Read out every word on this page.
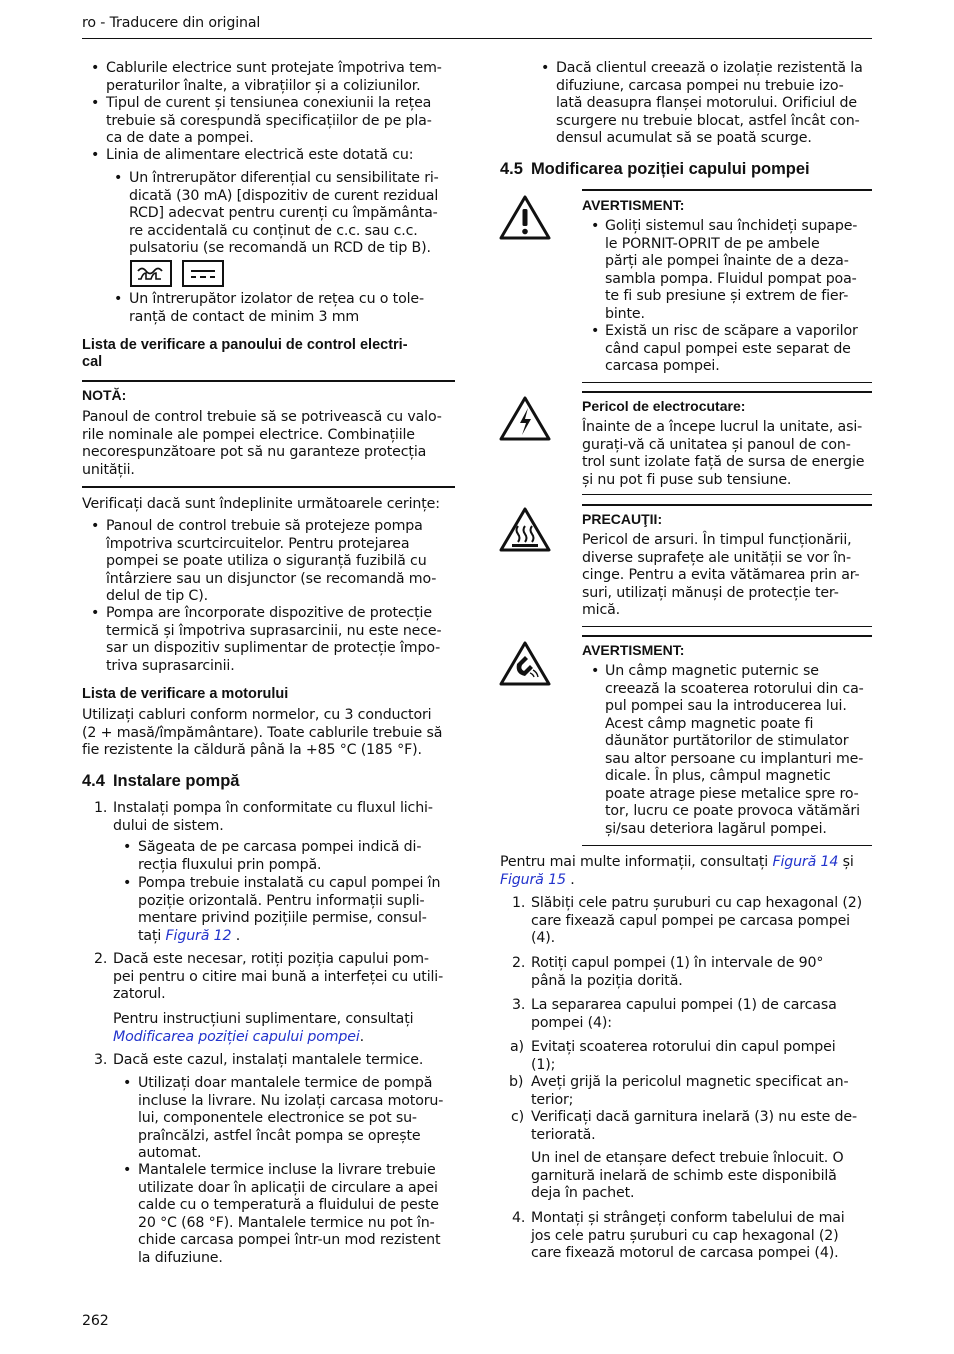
ro - Traducere din original
• Cablurile electrice sunt protejate împotriva tem-
peraturilor înalte, a vibrațiilor și a coliziunilor.
• Tipul de curent și tensiunea conexiunii la rețea
trebuie să corespundă specificațiilor de pe pla-
ca de date a pompei.
• Linia de alimentare electrică este dotată cu:
• Un întrerupător diferențial cu sensibilitate ri-
dicată (30 mA) [dispozitiv de curent rezidual
RCD] adecvat pentru curenți cu împământa-
re accidentală cu conținut de c.c. sau c.c.
pulsatoriu (se recomandă un RCD de tip B).
• Un întrerupător izolator de rețea cu o tole-
ranță de contact de minim 3 mm
Lista de verificare a panoului de control electri-
cal
NOTĂ:
Panoul de control trebuie să se potrivească cu valo-
rile nominale ale pompei electrice. Combinațiile
necorespunzătoare pot să nu garanteze protecția
unității.
Verificați dacă sunt îndeplinite următoarele cerințe:
• Panoul de control trebuie să protejeze pompa
împotriva scurtcircuitelor. Pentru protejarea
pompei se poate utiliza o siguranță fuzibilă cu
întârziere sau un disjunctor (se recomandă mo-
delul de tip C).
• Pompa are încorporate dispozitive de protecție
termică și împotriva suprasarcinii, nu este nece-
sar un dispozitiv suplimentar de protecție împo-
triva suprasarcinii.
Lista de verificare a motorului
Utilizați cabluri conform normelor, cu 3 conductori
(2 + masă/împământare). Toate cablurile trebuie să
fie rezistente la căldură până la +85 °C (185 °F).
4.4 Instalare pompă
1. Instalați pompa în conformitate cu fluxul lichi-
dului de sistem.
• Săgeata de pe carcasa pompei indică di-
recția fluxului prin pompă.
• Pompa trebuie instalată cu capul pompei în
poziție orizontală. Pentru informații supli-
mentare privind pozițiile permise, consul-
tați Figură 12 .
2. Dacă este necesar, rotiți poziția capului pom-
pei pentru o citire mai bună a interfeței cu utili-
zatorul.
Pentru instrucțiuni suplimentare, consultați
Modificarea poziției capului pompei.
3. Dacă este cazul, instalați mantalele termice.
• Utilizați doar mantalele termice de pompă
incluse la livrare. Nu izolați carcasa motoru-
lui, componentele electronice se pot su-
praîncălzi, astfel încât pompa se oprește
automat.
• Mantalele termice incluse la livrare trebuie
utilizate doar în aplicații de circulare a apei
calde cu o temperatură a fluidului de peste
20 °C (68 °F). Mantalele termice nu pot în-
chide carcasa pompei într-un mod rezistent
la difuziune.
• Dacă clientul creează o izolație rezistentă la
difuziune, carcasa pompei nu trebuie izo-
lată deasupra flanșei motorului. Orificiul de
scurgere nu trebuie blocat, astfel încât con-
densul acumulat să se poată scurge.
4.5 Modificarea poziției capului pompei
AVERTISMENT:
• Goliți sistemul sau închideți supape-
le PORNIT-OPRIT de pe ambele
părți ale pompei înainte de a deza-
sambla pompa. Fluidul pompat poa-
te fi sub presiune și extrem de fier-
binte.
• Există un risc de scăpare a vaporilor
când capul pompei este separat de
carcasa pompei.
Pericol de electrocutare:
Înainte de a începe lucrul la unitate, asi-
gurați-vă că unitatea și panoul de con-
trol sunt izolate față de sursa de energie
și nu pot fi puse sub tensiune.
PRECAUŢII:
Pericol de arsuri. În timpul funcționării,
diverse suprafețe ale unității se vor în-
cinge. Pentru a evita vătămarea prin ar-
suri, utilizați mănuși de protecție ter-
mică.
AVERTISMENT:
• Un câmp magnetic puternic se
creează la scoaterea rotorului din ca-
pul pompei sau la introducerea lui.
Acest câmp magnetic poate fi
dăunător purtătorilor de stimulator
sau altor persoane cu implanturi me-
dicale. În plus, câmpul magnetic
poate atrage piese metalice spre ro-
tor, lucru ce poate provoca vătămări
și/sau deteriora lagărul pompei.
Pentru mai multe informații, consultați Figură 14 și
Figură 15 .
1. Slăbiți cele patru șuruburi cu cap hexagonal (2)
care fixează capul pompei pe carcasa pompei
(4).
2. Rotiți capul pompei (1) în intervale de 90°
până la poziția dorită.
3. La separarea capului pompei (1) de carcasa
pompei (4):
a) Evitați scoaterea rotorului din capul pompei
(1);
b) Aveți grijă la pericolul magnetic specificat an-
terior;
c) Verificați dacă garnitura inelară (3) nu este de-
teriorată.
Un inel de etanșare defect trebuie înlocuit. O
garnitură inelară de schimb este disponibilă
deja în pachet.
4. Montați și strângeți conform tabelului de mai
jos cele patru șuruburi cu cap hexagonal (2)
care fixează motorul de carcasa pompei (4).
262
